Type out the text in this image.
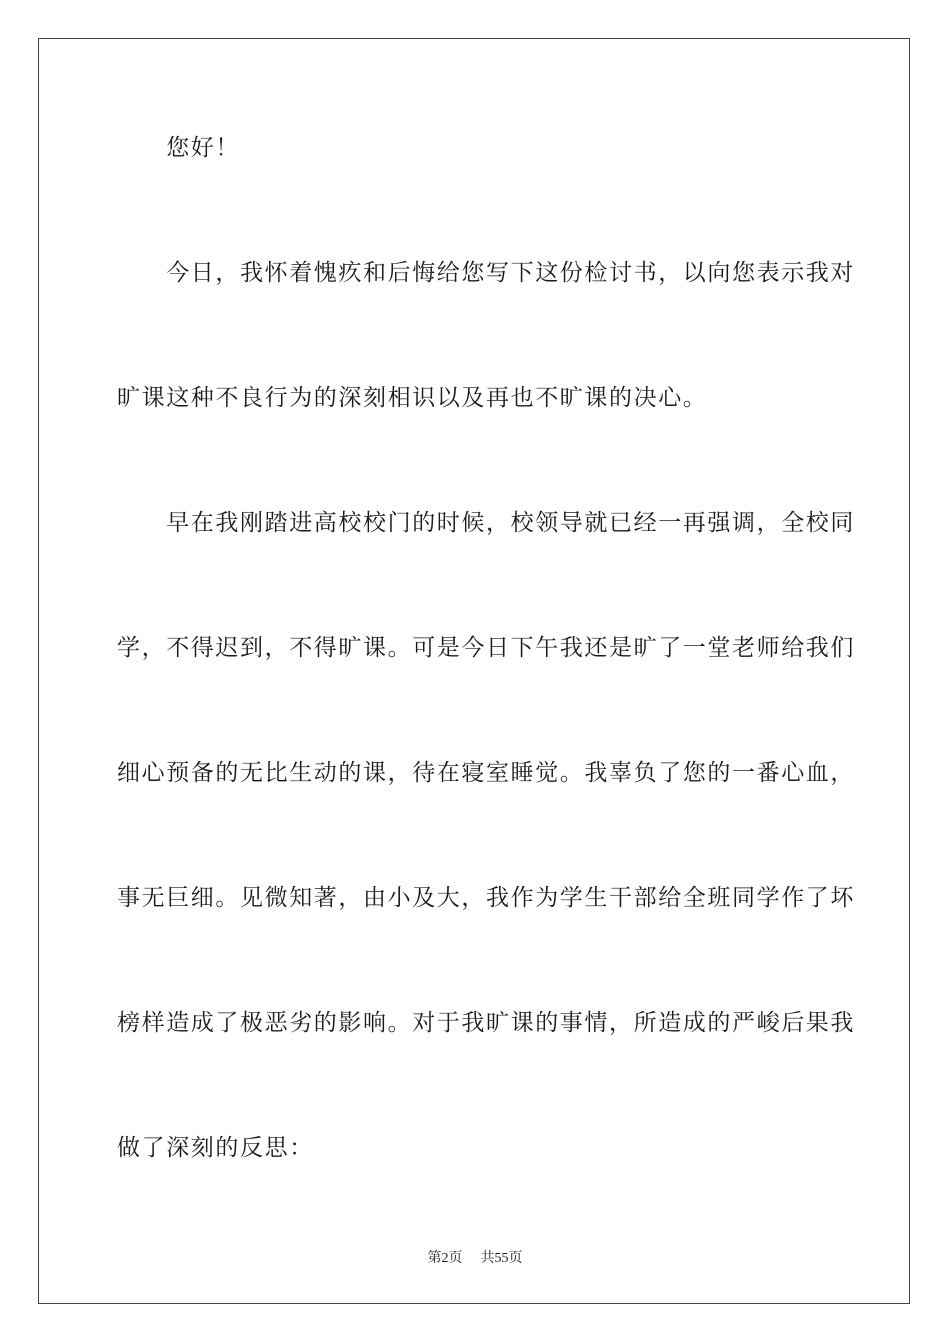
　　您好！
　　今日，我怀着愧疚和后悔给您写下这份检讨书，以向您表示我对
旷课这种不良行为的深刻相识以及再也不旷课的决心。
　　早在我刚踏进高校校门的时候，校领导就已经一再强调，全校同
学，不得迟到，不得旷课。可是今日下午我还是旷了一堂老师给我们
细心预备的无比生动的课，待在寝室睡觉。我辜负了您的一番心血，
事无巨细。见微知著，由小及大，我作为学生干部给全班同学作了坏
榜样造成了极恶劣的影响。对于我旷课的事情，所造成的严峻后果我
做了深刻的反思：
第2页 共55页
